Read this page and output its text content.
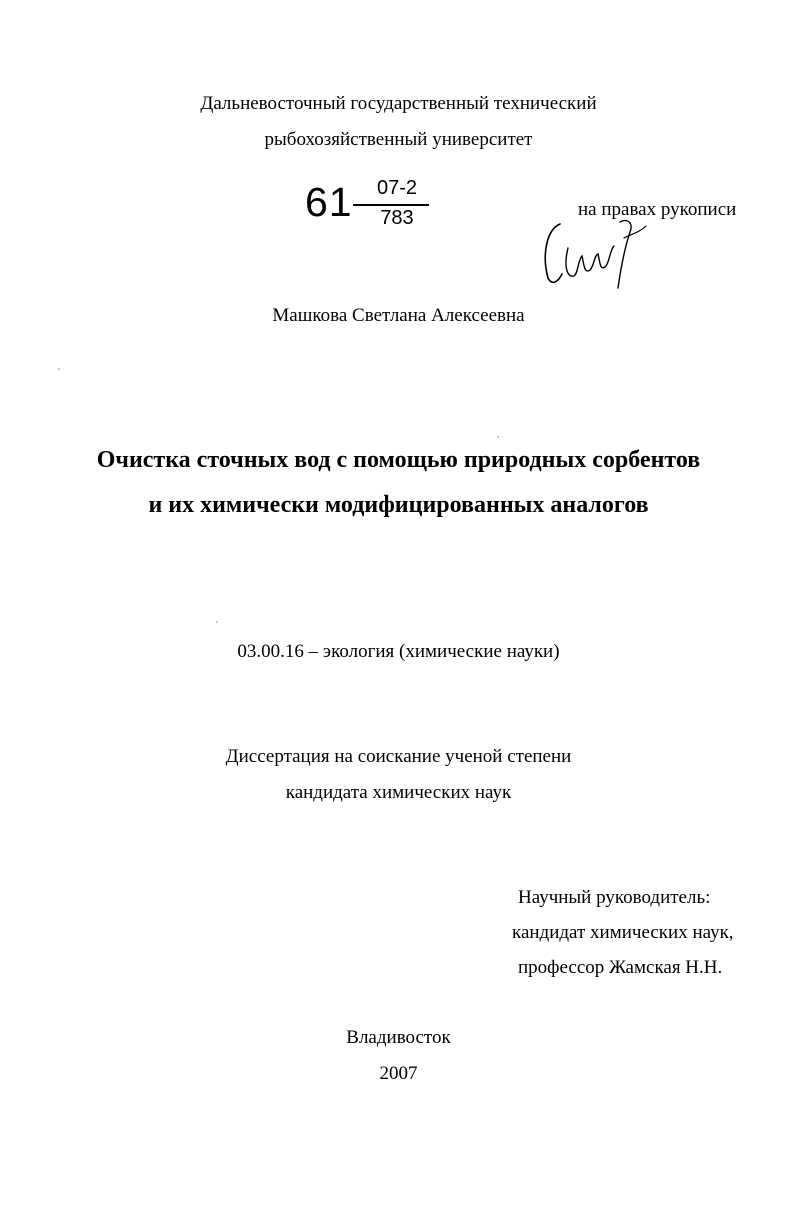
Дальневосточный государственный технический
рыбохозяйственный университет
61	07-2
783	на правах рукописи
Машкова Светлана Алексеевна
Очистка сточных вод с помощью природных сорбентов
и их химически модифицированных аналогов
03.00.16 – экология (химические науки)
Диссертация на соискание ученой степени
кандидата химических наук
Научный руководитель:
кандидат химических наук,
профессор Жамская Н.Н.
Владивосток
2007
